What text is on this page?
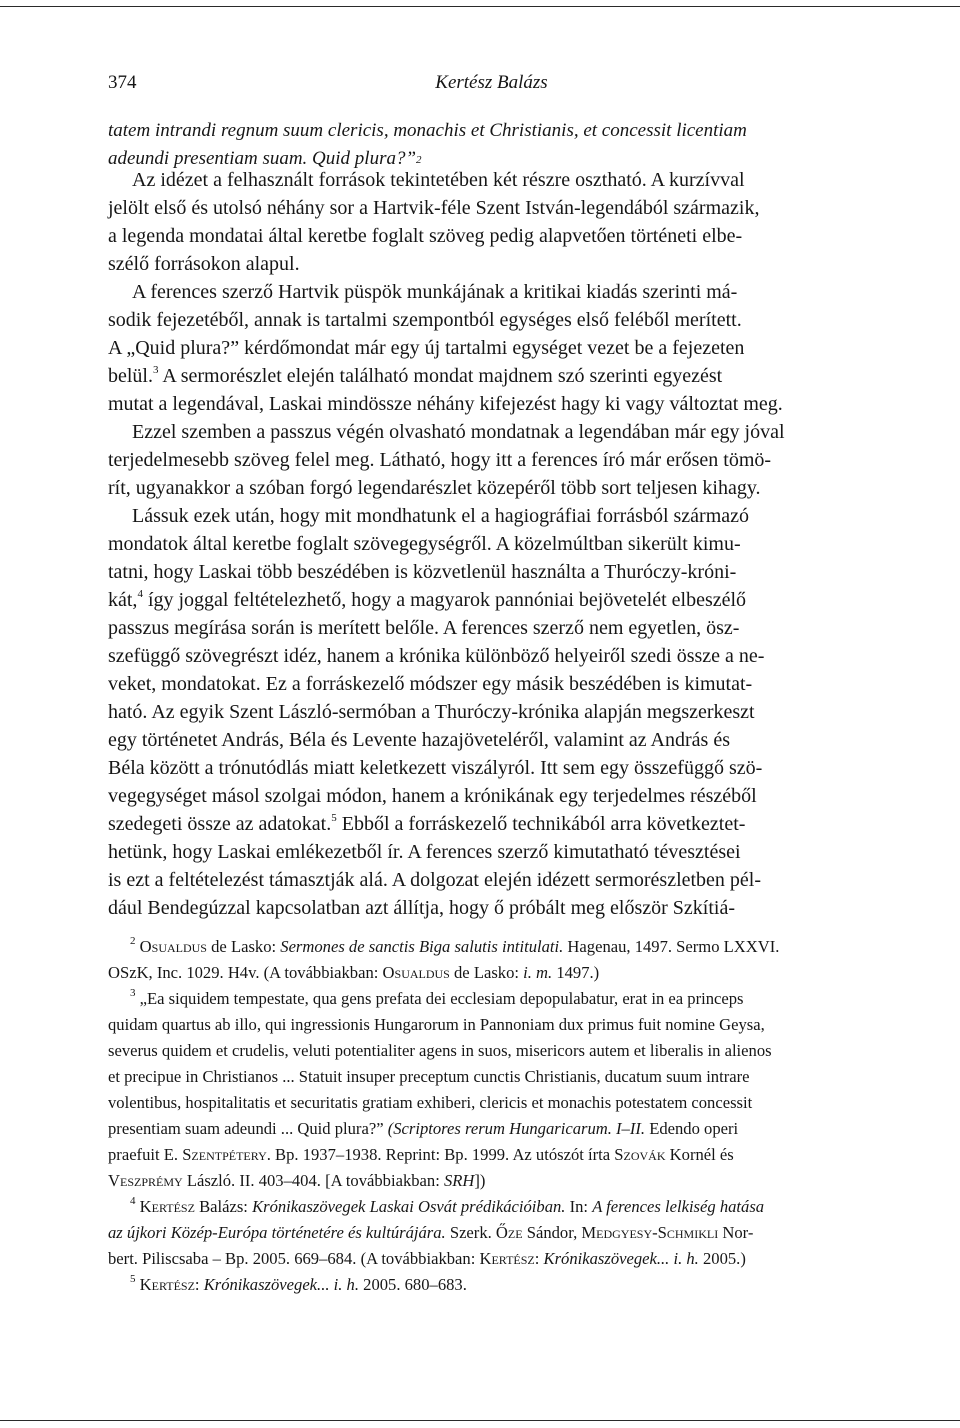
374	Kertész Balázs
tatem intrandi regnum suum clericis, monachis et Christianis, et concessit licentiam
adeundi presentiam suam. Quid plura?”$^2$
Az idézet a felhasznált források tekintetében két részre osztható. A kurzívval
jelölt első és utolsó néhány sor a Hartvik-féle Szent István-legendából származik,
a legenda mondatai által keretbe foglalt szöveg pedig alapvetően történeti elbe-
szélő forrásokon alapul.
A ferences szerző Hartvik püspök munkájának a kritikai kiadás szerinti má-
sodik fejezetéből, annak is tartalmi szempontból egységes első feléből merített.
A „Quid plura?” kérdőmondat már egy új tartalmi egységet vezet be a fejezeten
belül.$^3$ A sermorészlet elején található mondat majdnem szó szerinti egyezést
mutat a legendával, Laskai mindössze néhány kifejezést hagy ki vagy változtat meg.
Ezzel szemben a passzus végén olvasható mondatnak a legendában már egy jóval
terjedelmesebb szöveg felel meg. Látható, hogy itt a ferences író már erősen tömö-
rít, ugyanakkor a szóban forgó legendarészlet közepéről több sort teljesen kihagy.
Lássuk ezek után, hogy mit mondhatunk el a hagiográfiai forrásból származó
mondatok által keretbe foglalt szövegegységről. A közelmúltban sikerült kimu-
tatni, hogy Laskai több beszédében is közvetlenül használta a Thuróczy-króni-
kát,$^4$ így joggal feltételezhető, hogy a magyarok pannóniai bejövetelét elbeszélő
passzus megírása során is merített belőle. A ferences szerző nem egyetlen, ösz-
szefüggő szövegrészt idéz, hanem a krónika különböző helyeiről szedi össze a ne-
veket, mondatokat. Ez a forráskezelő módszer egy másik beszédében is kimutat-
ható. Az egyik Szent László-sermóban a Thuróczy-krónika alapján megszerkeszt
egy történetet András, Béla és Levente hazajöveteléről, valamint az András és
Béla között a trónutódlás miatt keletkezett viszályról. Itt sem egy összefüggő szö-
vegegységet másol szolgai módon, hanem a krónikának egy terjedelmes részéből
szedegeti össze az adatokat.$^5$ Ebből a forráskezelő technikából arra következtet-
hetünk, hogy Laskai emlékezetből ír. A ferences szerző kimutatható tévesztései
is ezt a feltételezést támasztják alá. A dolgozat elején idézett sermorészletben pél-
dául Bendegúzzal kapcsolatban azt állítja, hogy ő próbált meg először Szkítiá-
$^2$ Osualdus de Lasko: Sermones de sanctis Biga salutis intitulati. Hagenau, 1497. Sermo LXXVI.
OSzK, Inc. 1029. H4v. (A továbbiakban: Osualdus de Lasko: i. m. 1497.)
$^3$ „Ea siquidem tempestate, qua gens prefata dei ecclesiam depopulabatur, erat in ea princeps
quidam quartus ab illo, qui ingressionis Hungarorum in Pannoniam dux primus fuit nomine Geysa,
severus quidem et crudelis, veluti potentialiter agens in suos, misericors autem et liberalis in alienos
et precipue in Christianos ... Statuit insuper preceptum cunctis Christianis, ducatum suum intrare
volentibus, hospitalitatis et securitatis gratiam exhiberi, clericis et monachis potestatem concessit
presentiam suam adeundi ... Quid plura?” (Scriptores rerum Hungaricarum. I–II. Edendo operi
praefuit E. Szentpétery. Bp. 1937–1938. Reprint: Bp. 1999. Az utószót írta Szovák Kornél és
Veszprémy László. II. 403–404. [A továbbiakban: SRH])
$^4$ Kertész Balázs: Krónikaszövegek Laskai Osvát prédikációiban. In: A ferences lelkiség hatása
az újkori Közép-Európa történetére és kultúrájára. Szerk. Őze Sándor, Medgyesy-Schmikli Nor-
bert. Piliscsaba – Bp. 2005. 669–684. (A továbbiakban: Kertész: Krónikaszövegek... i. h. 2005.)
$^5$ Kertész: Krónikaszövegek... i. h. 2005. 680–683.
